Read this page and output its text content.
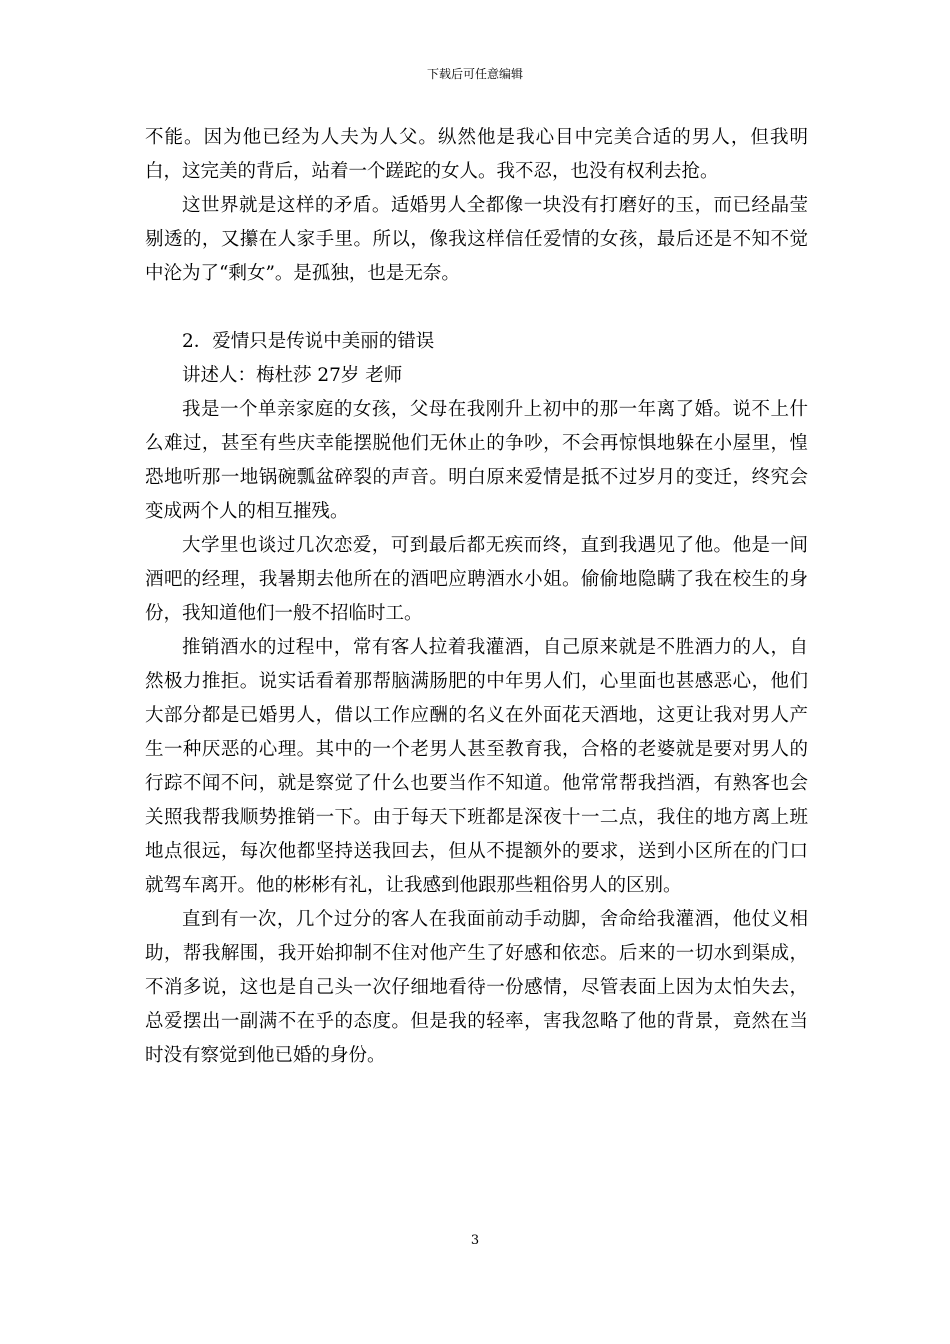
下载后可任意编辑

不能。因为他已经为人夫为人父。纵然他是我心目中完美合适的男人，但我明白，这完美的背后，站着一个蹉跎的女人。我不忍，也没有权利去抢。

这世界就是这样的矛盾。适婚男人全都像一块没有打磨好的玉，而已经晶莹剔透的，又攥在人家手里。所以，像我这样信任爱情的女孩，最后还是不知不觉中沦为了“剩女”。是孤独，也是无奈。

2．爱情只是传说中美丽的错误

讲述人：梅杜莎 27岁 老师

我是一个单亲家庭的女孩，父母在我刚升上初中的那一年离了婚。说不上什么难过，甚至有些庆幸能摆脱他们无休止的争吵，不会再惊惧地躲在小屋里，惶恐地听那一地锅碗瓢盆碎裂的声音。明白原来爱情是抵不过岁月的变迁，终究会变成两个人的相互摧残。

大学里也谈过几次恋爱，可到最后都无疾而终，直到我遇见了他。他是一间酒吧的经理，我暑期去他所在的酒吧应聘酒水小姐。偷偷地隐瞒了我在校生的身份，我知道他们一般不招临时工。

推销酒水的过程中，常有客人拉着我灌酒，自己原来就是不胜酒力的人，自然极力推拒。说实话看着那帮脑满肠肥的中年男人们，心里面也甚感恶心，他们大部分都是已婚男人，借以工作应酬的名义在外面花天酒地，这更让我对男人产生一种厌恶的心理。其中的一个老男人甚至教育我，合格的老婆就是要对男人的行踪不闻不问，就是察觉了什么也要当作不知道。他常常帮我挡酒，有熟客也会关照我帮我顺势推销一下。由于每天下班都是深夜十一二点，我住的地方离上班地点很远，每次他都坚持送我回去，但从不提额外的要求，送到小区所在的门口就驾车离开。他的彬彬有礼，让我感到他跟那些粗俗男人的区别。

直到有一次，几个过分的客人在我面前动手动脚，舍命给我灌酒，他仗义相助，帮我解围，我开始抑制不住对他产生了好感和依恋。后来的一切水到渠成，不消多说，这也是自己头一次仔细地看待一份感情，尽管表面上因为太怕失去，总爱摆出一副满不在乎的态度。但是我的轻率，害我忽略了他的背景，竟然在当时没有察觉到他已婚的身份。

3
